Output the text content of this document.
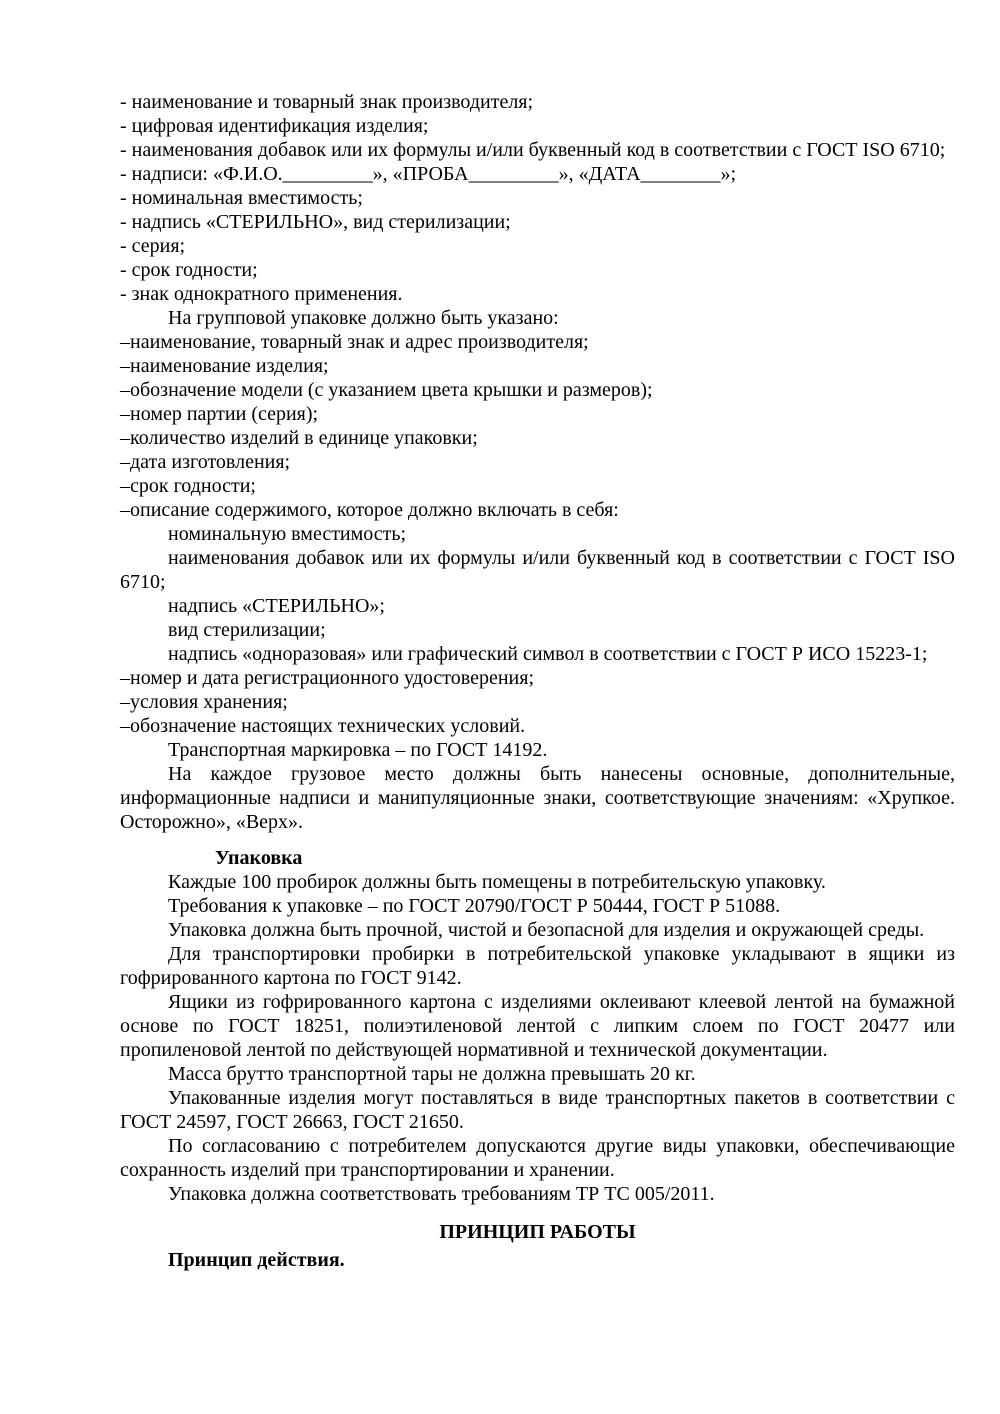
- наименование и товарный знак производителя;

- цифровая идентификация изделия;

- наименования добавок или их формулы и/или буквенный код в соответствии с ГОСТ ISO 6710;

- надписи: «Ф.И.О._________», «ПРОБА_________», «ДАТА________»;

- номинальная вместимость;

- надпись «СТЕРИЛЬНО», вид стерилизации;

- серия;

- срок годности;

- знак однократного применения.

На групповой упаковке должно быть указано:

–наименование, товарный знак и адрес производителя;

–наименование изделия;

–обозначение модели (с указанием цвета крышки и размеров);

–номер партии (серия);

–количество изделий в единице упаковки;

–дата изготовления;

–срок годности;

–описание содержимого, которое должно включать в себя:

номинальную вместимость;

наименования добавок или их формулы и/или буквенный код в соответствии с ГОСТ ISO 6710;

надпись «СТЕРИЛЬНО»;

вид стерилизации;

надпись «одноразовая» или графический символ в соответствии с ГОСТ Р ИСО 15223-1;

–номер и дата регистрационного удостоверения;

–условия хранения;

–обозначение настоящих технических условий.

Транспортная маркировка – по ГОСТ 14192.

На каждое грузовое место должны быть нанесены основные, дополнительные, информационные надписи и манипуляционные знаки, соответствующие значениям: «Хрупкое. Осторожно», «Верх».

Упаковка

Каждые 100 пробирок должны быть помещены в потребительскую упаковку.

Требования к упаковке – по ГОСТ 20790/ГОСТ Р 50444, ГОСТ Р 51088.

Упаковка должна быть прочной, чистой и безопасной для изделия и окружающей среды.

Для транспортировки пробирки в потребительской упаковке укладывают в ящики из гофрированного картона по ГОСТ 9142.

Ящики из гофрированного картона с изделиями оклеивают клеевой лентой на бумажной основе по ГОСТ 18251, полиэтиленовой лентой с липким слоем по ГОСТ 20477 или пропиленовой лентой по действующей нормативной и технической документации.

Масса брутто транспортной тары не должна превышать 20 кг.

Упакованные изделия могут поставляться в виде транспортных пакетов в соответствии с ГОСТ 24597, ГОСТ 26663, ГОСТ 21650.

По согласованию с потребителем допускаются другие виды упаковки, обеспечивающие сохранность изделий при транспортировании и хранении.

Упаковка должна соответствовать требованиям ТР ТС 005/2011.

ПРИНЦИП РАБОТЫ

Принцип действия.
